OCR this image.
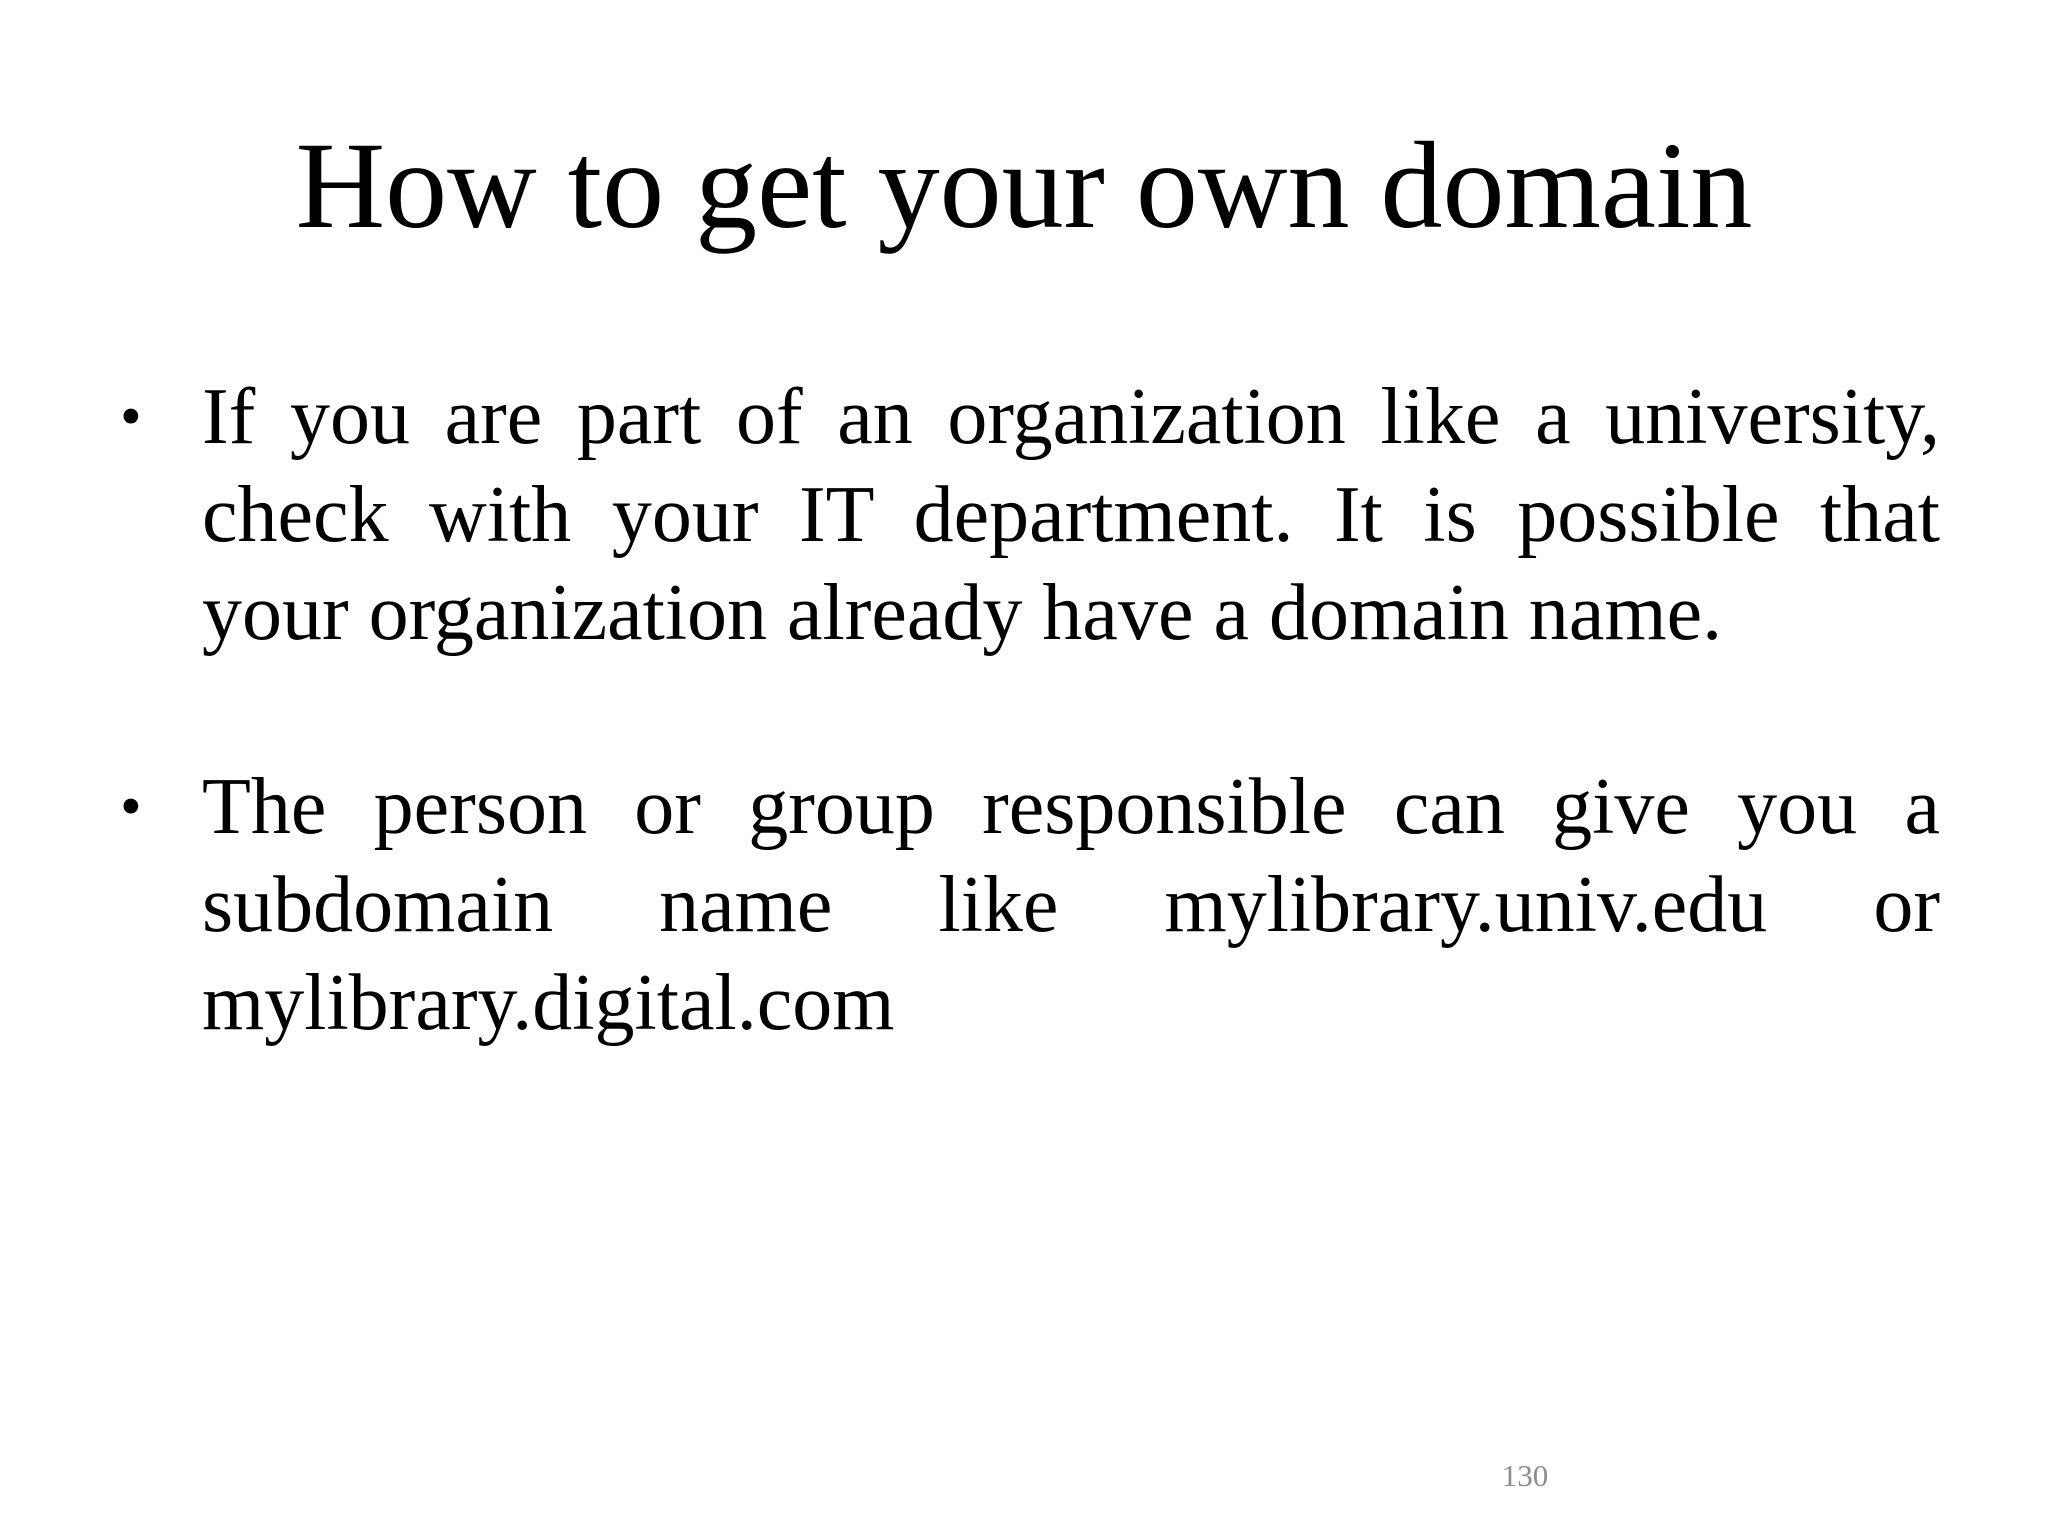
How to get your own domain
• If you are part of an organization like a university, check with your IT department. It is possible that your organization already have a domain name.
• The person or group responsible can give you a subdomain name like mylibrary.univ.edu or mylibrary.digital.com
130
